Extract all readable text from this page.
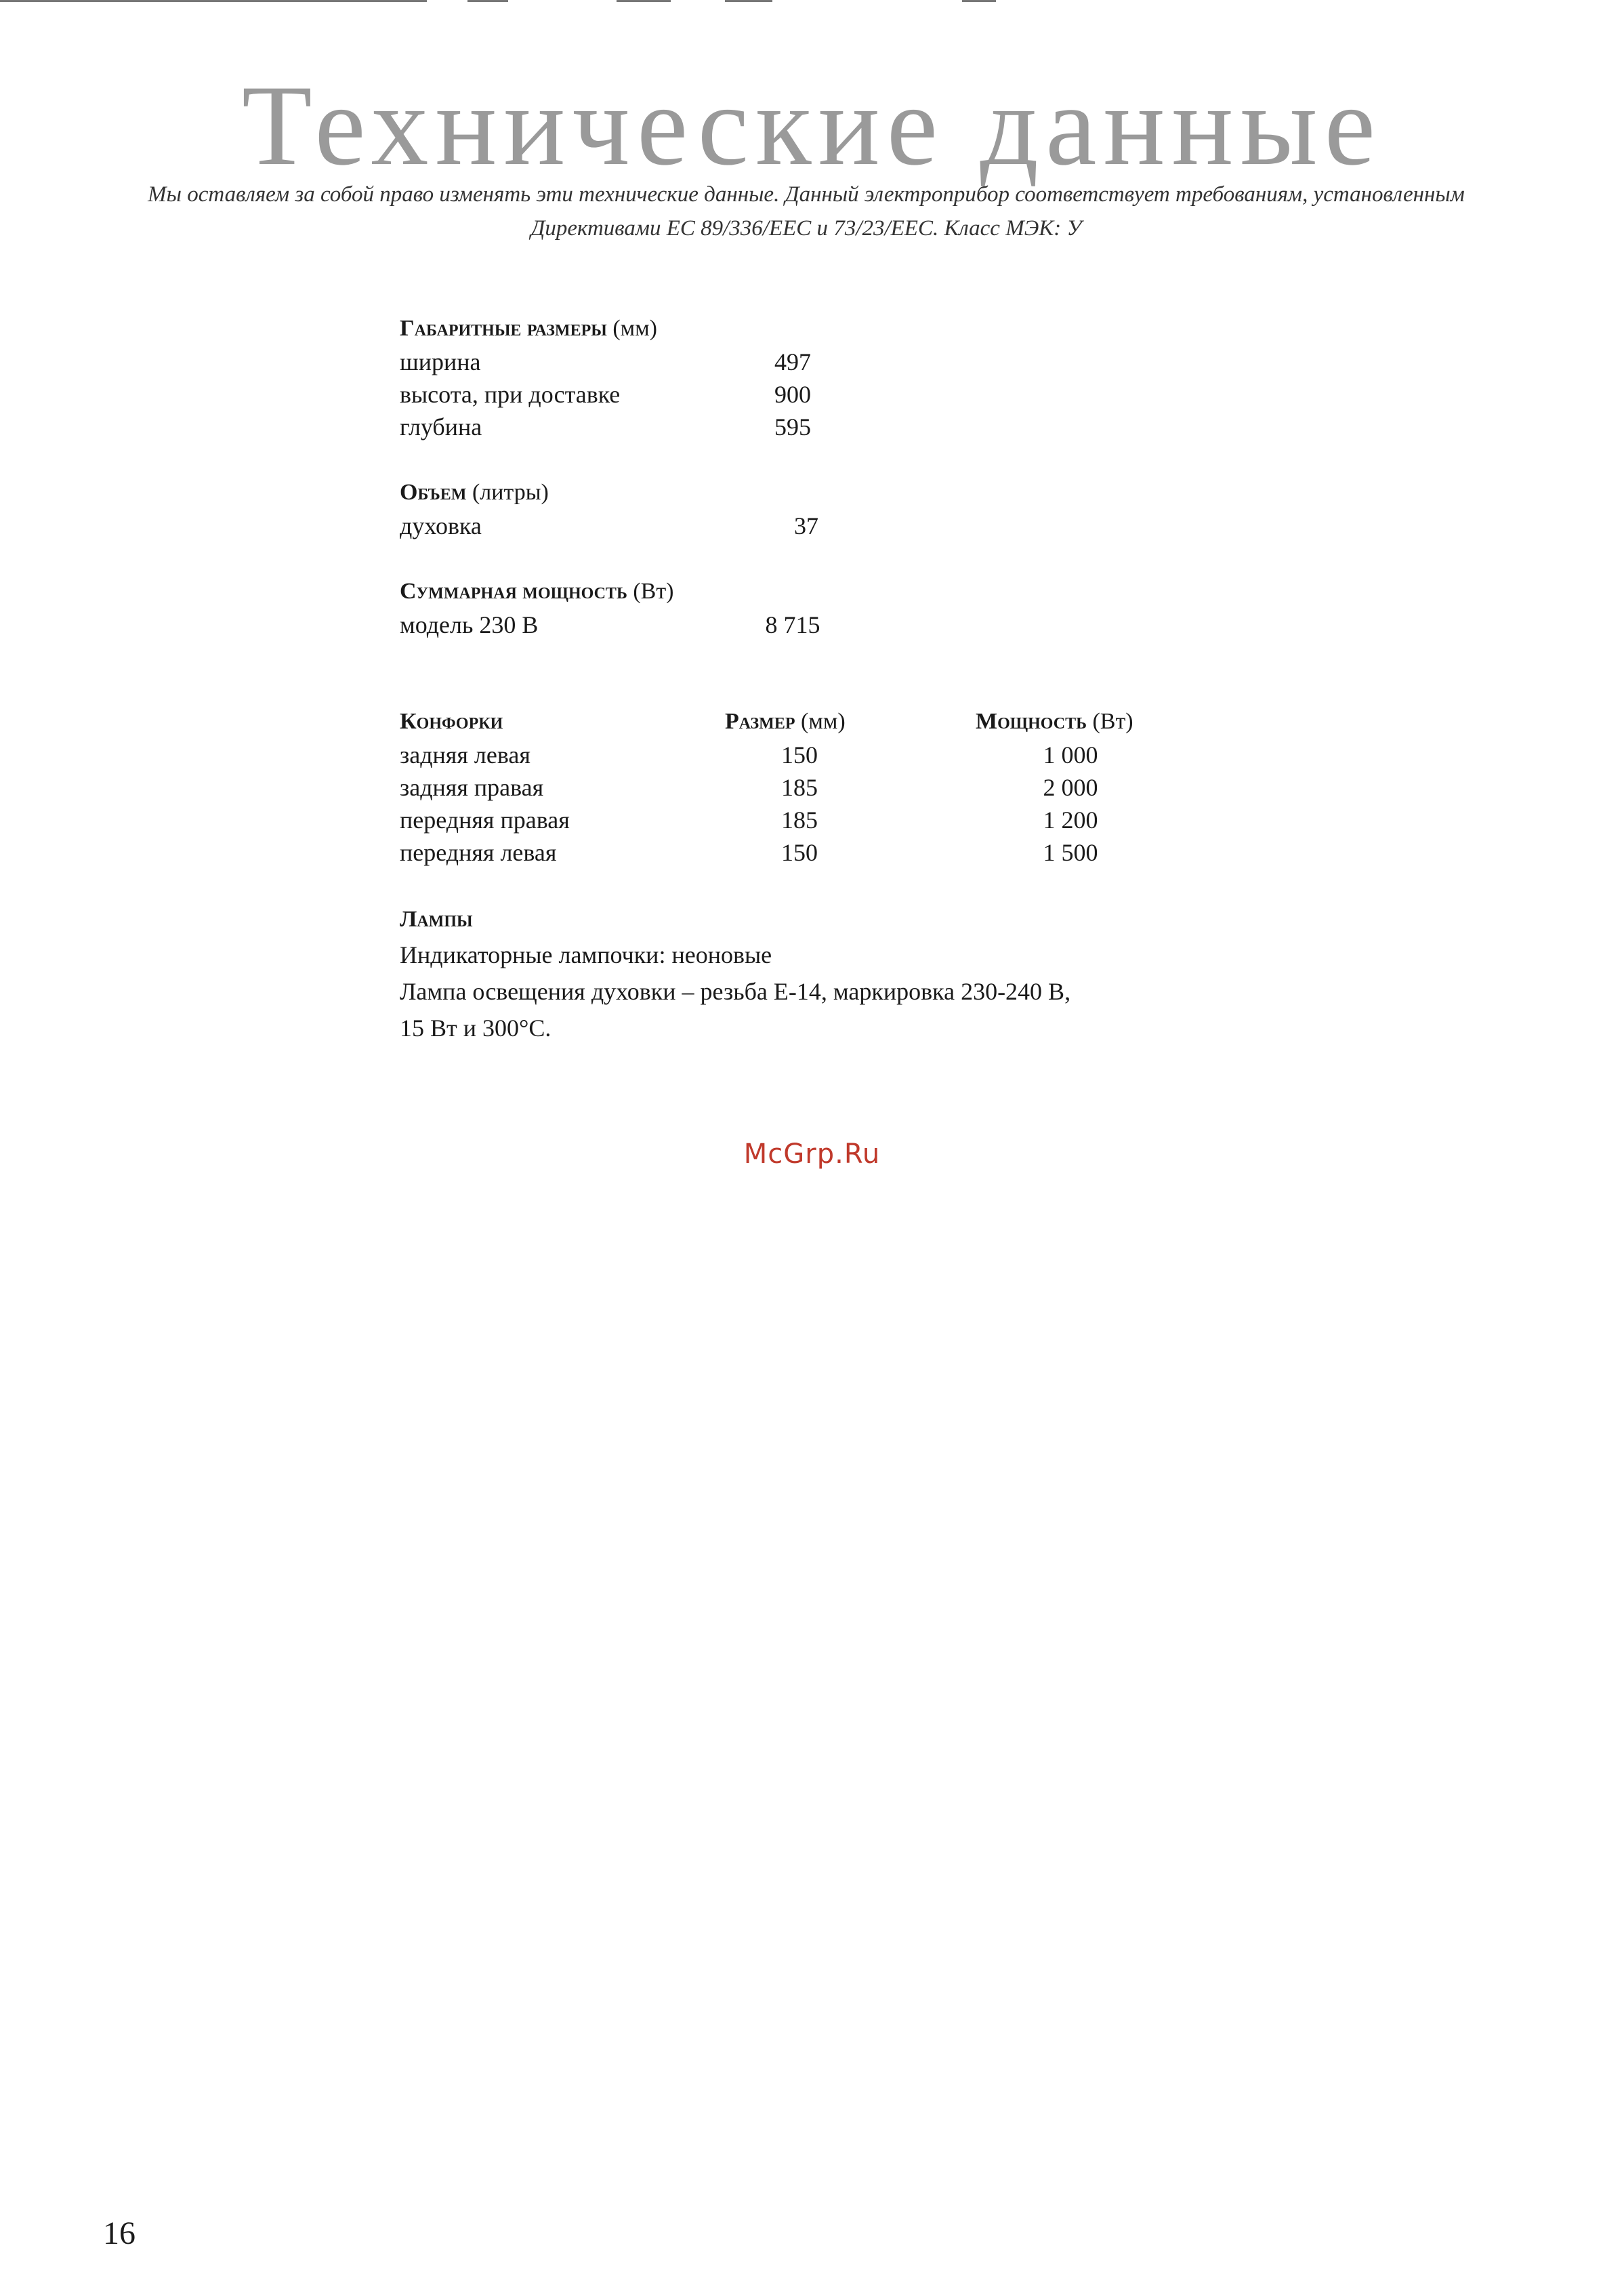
Технические данные
Мы оставляем за собой право изменять эти технические данные. Данный электроприбор соответствует требованиям, установленным Директивами ЕС 89/336/EEC и 73/23/EEC. Класс МЭК: У
Габаритные размеры (мм)
ширина	497
высота, при доставке	900
глубина	595
Объем (литры)
духовка	37
Суммарная мощность (Вт)
модель 230 В	8 715
Конфорки	Размер (мм)	Мощность (Вт)
задняя левая	150	1 000
задняя правая	185	2 000
передняя правая	185	1 200
передняя левая	150	1 500
Лампы
Индикаторные лампочки: неоновые
Лампа освещения духовки – резьба Е-14, маркировка 230-240 В,
15 Вт и 300°С.
McGrp.Ru
16
